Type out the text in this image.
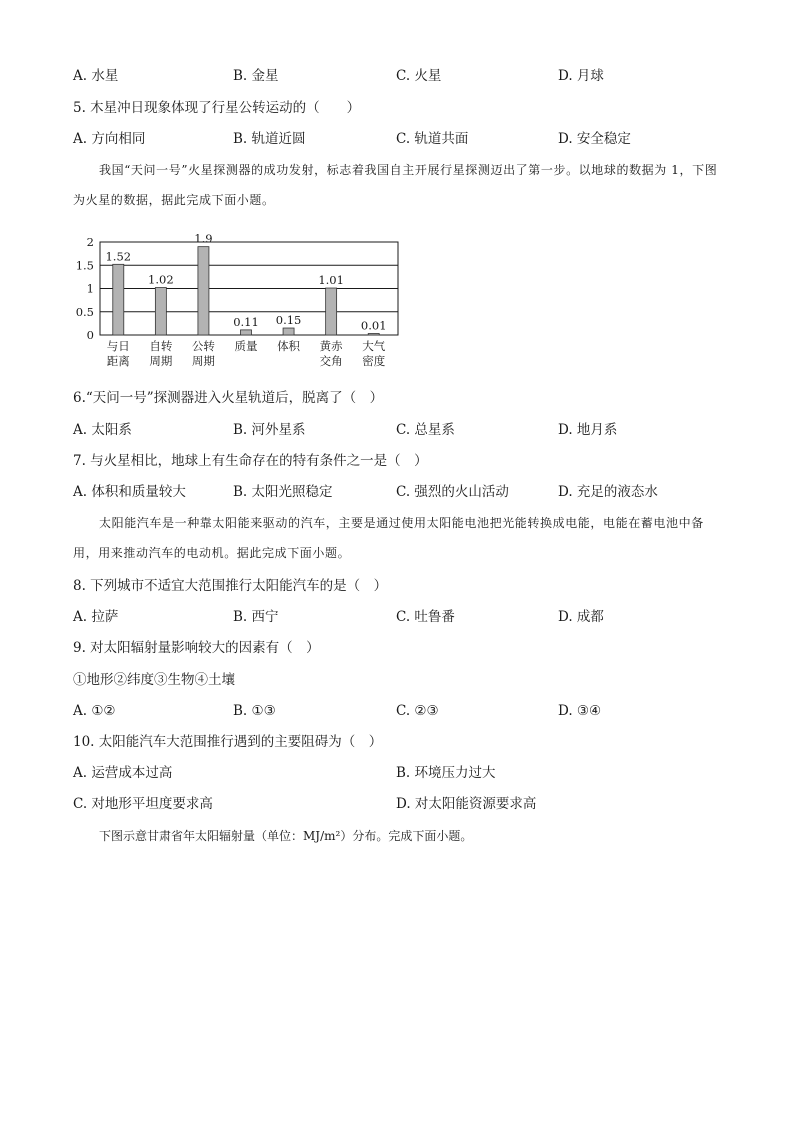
A. 水星	B. 金星	C. 火星	D. 月球
5. 木星冲日现象体现了行星公转运动的（　　）
A. 方向相同	B. 轨道近圆	C. 轨道共面	D. 安全稳定
我国“天问一号”火星探测器的成功发射，标志着我国自主开展行星探测迈出了第一步。以地球的数据为 1，下图为火星的数据，据此完成下面小题。
0
0.5
1
1.5
2
1.52
与日
距离
1.02
自转
周期
1.9
公转
周期
0.11
质量
0.15
体积
1.01
黄赤
交角
0.01
大气
密度
6.“天问一号”探测器进入火星轨道后，脱离了（　）
A. 太阳系	B. 河外星系	C. 总星系	D. 地月系
7. 与火星相比，地球上有生命存在的特有条件之一是（　）
A. 体积和质量较大	B. 太阳光照稳定	C. 强烈的火山活动	D. 充足的液态水
太阳能汽车是一种靠太阳能来驱动的汽车，主要是通过使用太阳能电池把光能转换成电能，电能在蓄电池中备用，用来推动汽车的电动机。据此完成下面小题。
8. 下列城市不适宜大范围推行太阳能汽车的是（　）
A. 拉萨	B. 西宁	C. 吐鲁番	D. 成都
9. 对太阳辐射量影响较大的因素有（　）
①地形②纬度③生物④土壤
A. ①②	B. ①③	C. ②③	D. ③④
10. 太阳能汽车大范围推行遇到的主要阻碍为（　）
A. 运营成本过高	B. 环境压力过大
C. 对地形平坦度要求高	D. 对太阳能资源要求高
下图示意甘肃省年太阳辐射量（单位：MJ/m²）分布。完成下面小题。
